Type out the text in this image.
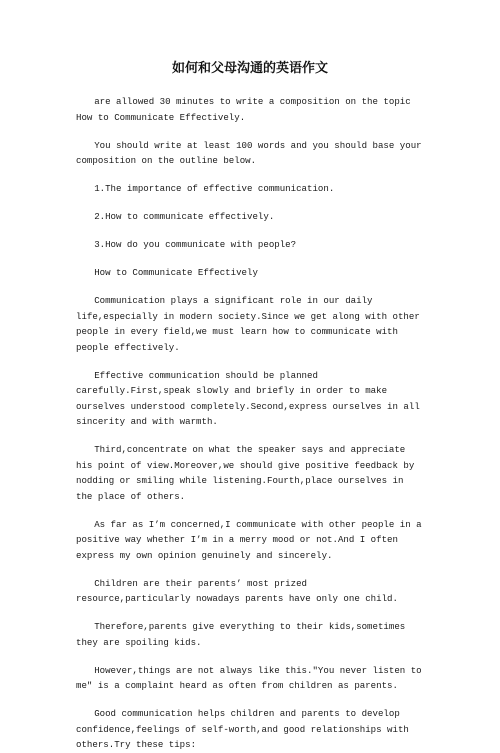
如何和父母沟通的英语作文
are allowed 30 minutes to write a composition on the topic How to Communicate Effectively.
You should write at least 100 words and you should base your composition on the outline below.
1.The importance of effective communication.
2.How to communicate effectively.
3.How do you communicate with people?
How to Communicate Effectively
Communication plays a significant role in our daily life,especially in modern society.Since we get along with other people in every field,we must learn how to communicate with people effectively.
Effective communication should be planned carefully.First,speak slowly and briefly in order to make ourselves understood completely.Second,express ourselves in all sincerity and with warmth.
Third,concentrate on what the speaker says and appreciate his point of view.Moreover,we should give positive feedback by nodding or smiling while listening.Fourth,place ourselves in the place of others.
As far as I’m concerned,I communicate with other people in a positive way whether I’m in a merry mood or not.And I often express my own opinion genuinely and sincerely.
Children are their parents’ most prized resource,particularly nowadays parents have only one child.
Therefore,parents give everything to their kids,sometimes they are spoiling kids.
However,things are not always like this."You never listen to me" is a complaint heard as often from children as parents.
Good communication helps children and parents to develop confidence,feelings of self-worth,and good relationships with others.Try these tips:
